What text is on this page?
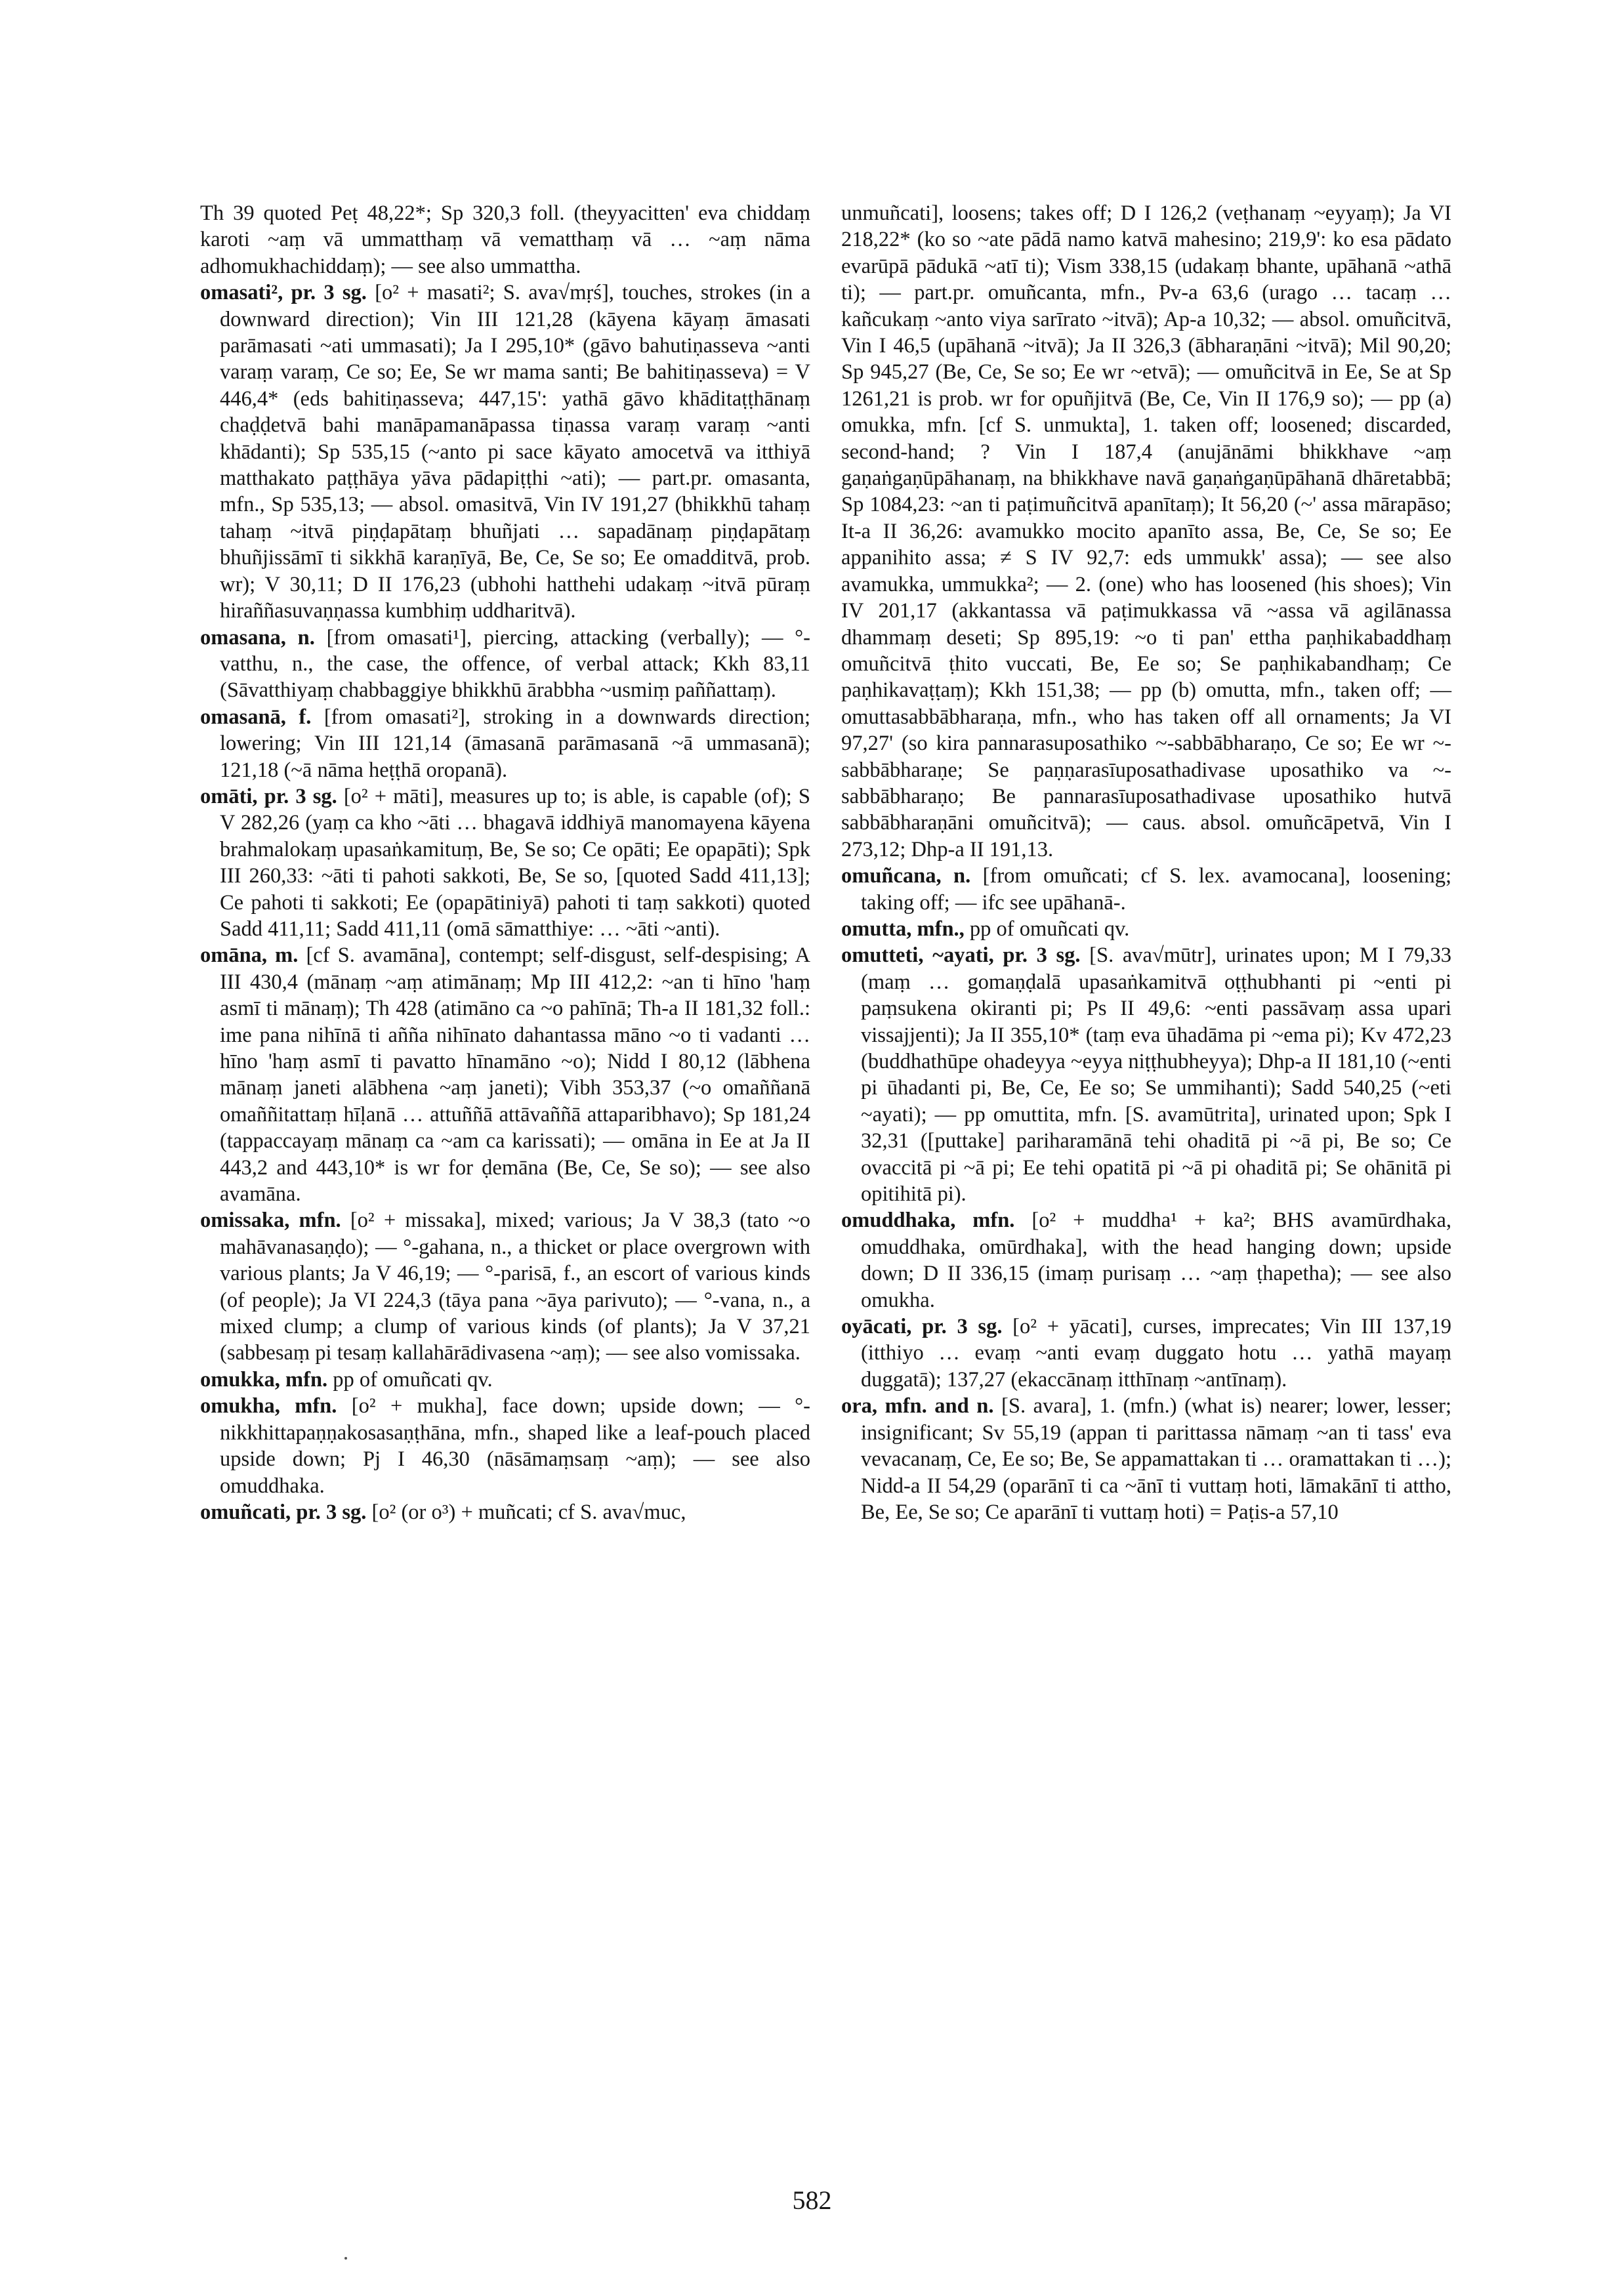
Th 39 quoted Peṭ 48,22*; Sp 320,3 foll. (theyyacitten' eva chiddaṃ karoti ~aṃ vā ummatthaṃ vā vematthaṃ vā … ~aṃ nāma adhomukhachiddaṃ); — see also ummattha.

omasati², pr. 3 sg. [o² + masati²; S. ava√mṛś], touches, strokes (in a downward direction); Vin III 121,28 (kāyena kāyaṃ āmasati parāmasati ~ati ummasati); Ja I 295,10* (gāvo bahutiṇasseva ~anti varaṃ varaṃ, Ce so; Ee, Se wr mama santi; Be bahitiṇasseva) = V 446,4* (eds bahitiṇasseva; 447,15': yathā gāvo khāditaṭṭhānaṃ chaḍḍetvā bahi manāpamanāpassa tiṇassa varaṃ varaṃ ~anti khādanti); Sp 535,15 (~anto pi sace kāyato amocetvā va itthiyā matthakato paṭṭhāya yāva pādapiṭṭhi ~ati); — part.pr. omasanta, mfn., Sp 535,13; — absol. omasitvā, Vin IV 191,27 (bhikkhū tahaṃ tahaṃ ~itvā piṇḍapātaṃ bhuñjati … sapadānaṃ piṇḍapātaṃ bhuñjissāmī ti sikkhā karaṇīyā, Be, Ce, Se so; Ee omadditvā, prob. wr); V 30,11; D II 176,23 (ubhohi hatthehi udakaṃ ~itvā pūraṃ hiraññasuvaṇṇassa kumbhiṃ uddharitvā).

omasana, n. [from omasati¹], piercing, attacking (verbally); — °-vatthu, n., the case, the offence, of verbal attack; Kkh 83,11 (Sāvatthiyaṃ chabbaggiye bhikkhū ārabbha ~usmiṃ paññattaṃ).

omasanā, f. [from omasati²], stroking in a downwards direction; lowering; Vin III 121,14 (āmasanā parāmasanā ~ā ummasanā); 121,18 (~ā nāma heṭṭhā oropanā).

omāti, pr. 3 sg. [o² + māti], measures up to; is able, is capable (of); S V 282,26 (yaṃ ca kho ~āti … bhagavā iddhiyā manomayena kāyena brahmalokaṃ upasaṅkamituṃ, Be, Se so; Ce opāti; Ee opapāti); Spk III 260,33: ~āti ti pahoti sakkoti, Be, Se so, [quoted Sadd 411,13]; Ce pahoti ti sakkoti; Ee (opapātiniyā) pahoti ti taṃ sakkoti) quoted Sadd 411,11; Sadd 411,11 (omā sāmatthiye: … ~āti ~anti).

omāna, m. [cf S. avamāna], contempt; self-disgust, self-despising; A III 430,4 (mānaṃ ~aṃ atimānaṃ; Mp III 412,2: ~an ti hīno 'haṃ asmī ti mānaṃ); Th 428 (atimāno ca ~o pahīnā; Th-a II 181,32 foll.: ime pana nihīnā ti añña nihīnato dahantassa māno ~o ti vadanti … hīno 'haṃ asmī ti pavatto hīnamāno ~o); Nidd I 80,12 (lābhena mānaṃ janeti alābhena ~aṃ janeti); Vibh 353,37 (~o omaññanā omaññitattaṃ hīḷanā … attuññā attāvaññā attaparibhavo); Sp 181,24 (tappaccayaṃ mānaṃ ca ~am ca karissati); — omāna in Ee at Ja II 443,2 and 443,10* is wr for ḍemāna (Be, Ce, Se so); — see also avamāna.

omissaka, mfn. [o² + missaka], mixed; various; Ja V 38,3 (tato ~o mahāvanasaṇḍo); — °-gahana, n., a thicket or place overgrown with various plants; Ja V 46,19; — °-parisā, f., an escort of various kinds (of people); Ja VI 224,3 (tāya pana ~āya parivuto); — °-vana, n., a mixed clump; a clump of various kinds (of plants); Ja V 37,21 (sabbesaṃ pi tesaṃ kallahārādivasena ~aṃ); — see also vomissaka.

omukka, mfn. pp of omuñcati qv.

omukha, mfn. [o² + mukha], face down; upside down; — °-nikkhittapaṇṇakosasaṇṭhāna, mfn., shaped like a leaf-pouch placed upside down; Pj I 46,30 (nāsāmaṃsaṃ ~aṃ); — see also omuddhaka.

omuñcati, pr. 3 sg. [o² (or o³) + muñcati; cf S. ava√muc,

unmuñcati], loosens; takes off; D I 126,2 (veṭhanaṃ ~eyyaṃ); Ja VI 218,22* (ko so ~ate pādā namo katvā mahesino; 219,9': ko esa pādato evarūpā pādukā ~atī ti); Vism 338,15 (udakaṃ bhante, upāhanā ~athā ti); — part.pr. omuñcanta, mfn., Pv-a 63,6 (urago … tacaṃ … kañcukaṃ ~anto viya sarīrato ~itvā); Ap-a 10,32; — absol. omuñcitvā, Vin I 46,5 (upāhanā ~itvā); Ja II 326,3 (ābharaṇāni ~itvā); Mil 90,20; Sp 945,27 (Be, Ce, Se so; Ee wr ~etvā); — omuñcitvā in Ee, Se at Sp 1261,21 is prob. wr for opuñjitvā (Be, Ce, Vin II 176,9 so); — pp (a) omukka, mfn. [cf S. unmukta], 1. taken off; loosened; discarded, second-hand; ? Vin I 187,4 (anujānāmi bhikkhave ~aṃ gaṇaṅgaṇūpāhanaṃ, na bhikkhave navā gaṇaṅgaṇūpāhanā dhāretabbā; Sp 1084,23: ~an ti paṭimuñcitvā apanītaṃ); It 56,20 (~' assa mārapāso; It-a II 36,26: avamukko mocito apanīto assa, Be, Ce, Se so; Ee appanihito assa; ≠ S IV 92,7: eds ummukk' assa); — see also avamukka, ummukka²; — 2. (one) who has loosened (his shoes); Vin IV 201,17 (akkantassa vā paṭimukkassa vā ~assa vā agilānassa dhammaṃ deseti; Sp 895,19: ~o ti pan' ettha paṇhikabaddhaṃ omuñcitvā ṭhito vuccati, Be, Ee so; Se paṇhikabandhaṃ; Ce paṇhikavaṭṭaṃ); Kkh 151,38; — pp (b) omutta, mfn., taken off; — omuttasabbābharaṇa, mfn., who has taken off all ornaments; Ja VI 97,27' (so kira pannarasuposathiko ~-sabbābharaṇo, Ce so; Ee wr ~-sabbābharaṇe; Se paṇṇarasīuposathadivase uposathiko va ~-sabbābharaṇo; Be pannarasīuposathadivase uposathiko hutvā sabbābharaṇāni omuñcitvā); — caus. absol. omuñcāpetvā, Vin I 273,12; Dhp-a II 191,13.

omuñcana, n. [from omuñcati; cf S. lex. avamocana], loosening; taking off; — ifc see upāhanā-.

omutta, mfn., pp of omuñcati qv.

omutteti, ~ayati, pr. 3 sg. [S. ava√mūtr], urinates upon; M I 79,33 (maṃ … gomaṇḍalā upasaṅkamitvā oṭṭhubhanti pi ~enti pi paṃsukena okiranti pi; Ps II 49,6: ~enti passāvaṃ assa upari vissajjenti); Ja II 355,10* (taṃ eva ūhadāma pi ~ema pi); Kv 472,23 (buddhathūpe ohadeyya ~eyya niṭṭhubheyya); Dhp-a II 181,10 (~enti pi ūhadanti pi, Be, Ce, Ee so; Se ummihanti); Sadd 540,25 (~eti ~ayati); — pp omuttita, mfn. [S. avamūtrita], urinated upon; Spk I 32,31 ([puttake] pariharamānā tehi ohaditā pi ~ā pi, Be so; Ce ovaccitā pi ~ā pi; Ee tehi opatitā pi ~ā pi ohaditā pi; Se ohānitā pi opitihitā pi).

omuddhaka, mfn. [o² + muddha¹ + ka²; BHS avamūrdhaka, omuddhaka, omūrdhaka], with the head hanging down; upside down; D II 336,15 (imaṃ purisaṃ … ~aṃ ṭhapetha); — see also omukha.

oyācati, pr. 3 sg. [o² + yācati], curses, imprecates; Vin III 137,19 (itthiyo … evaṃ ~anti evaṃ duggato hotu … yathā mayaṃ duggatā); 137,27 (ekaccānaṃ itthīnaṃ ~antīnaṃ).

ora, mfn. and n. [S. avara], 1. (mfn.) (what is) nearer; lower, lesser; insignificant; Sv 55,19 (appan ti parittassa nāmaṃ ~an ti tass' eva vevacanaṃ, Ce, Ee so; Be, Se appamattakan ti … oramattakan ti …); Nidd-a II 54,29 (oparānī ti ca ~ānī ti vuttaṃ hoti, lāmakānī ti attho, Be, Ee, Se so; Ce aparānī ti vuttaṃ hoti) = Paṭis-a 57,10

582
